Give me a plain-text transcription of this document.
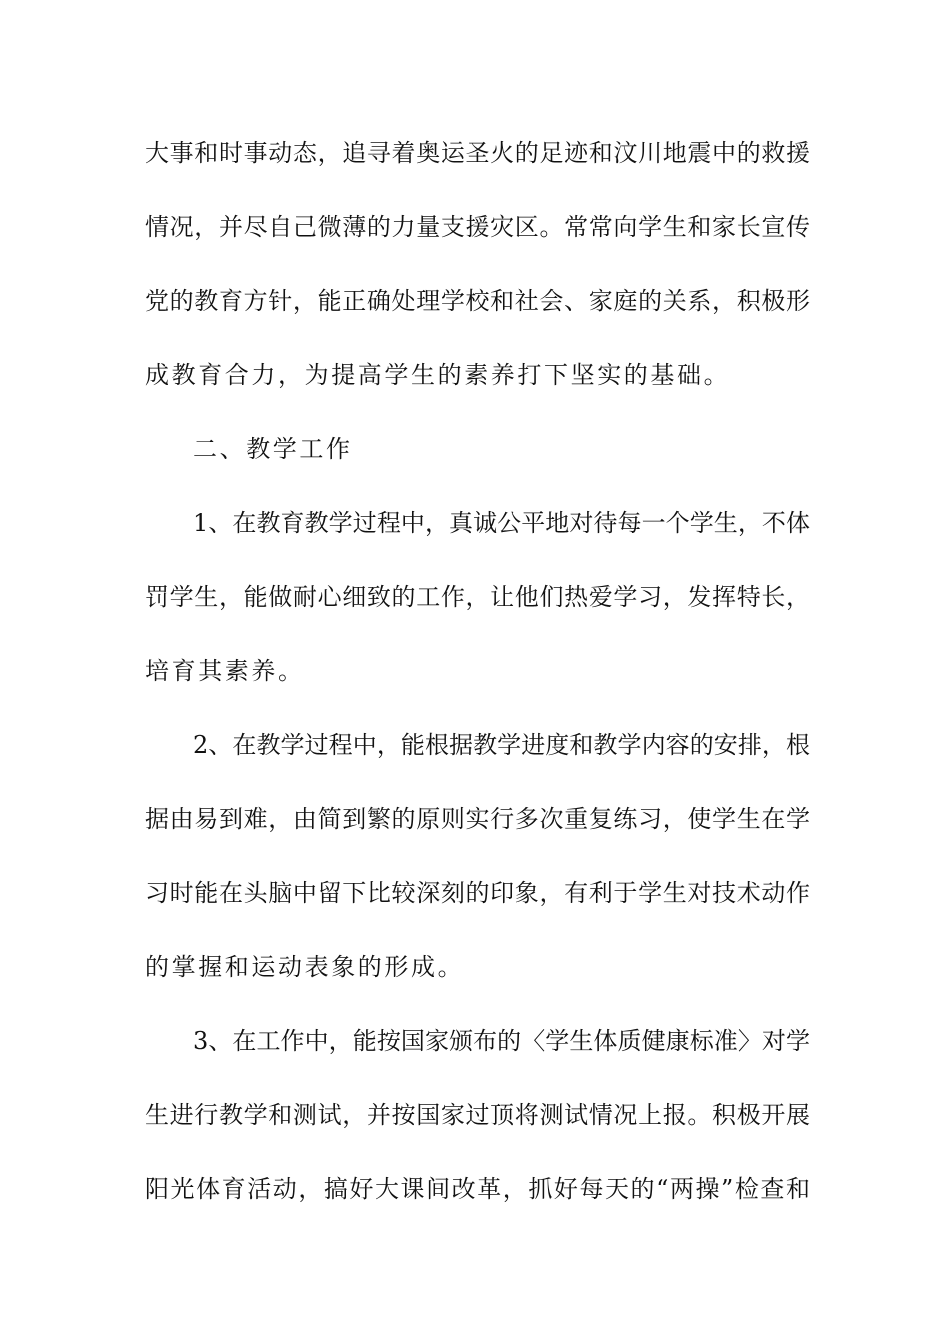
大事和时事动态，追寻着奥运圣火的足迹和汶川地震中的救援
情况，并尽自己微薄的力量支援灾区。常常向学生和家长宣传
党的教育方针，能正确处理学校和社会、家庭的关系，积极形
成教育合力，为提高学生的素养打下坚实的基础。
二、教学工作
1、在教育教学过程中，真诚公平地对待每一个学生，不体
罚学生，能做耐心细致的工作，让他们热爱学习，发挥特长，
培育其素养。
2、在教学过程中，能根据教学进度和教学内容的安排，根
据由易到难，由简到繁的原则实行多次重复练习，使学生在学
习时能在头脑中留下比较深刻的印象，有利于学生对技术动作
的掌握和运动表象的形成。
3、在工作中，能按国家颁布的〈学生体质健康标准〉对学
生进行教学和测试，并按国家过顶将测试情况上报。积极开展
阳光体育活动，搞好大课间改革，抓好每天的“两操”检查和
